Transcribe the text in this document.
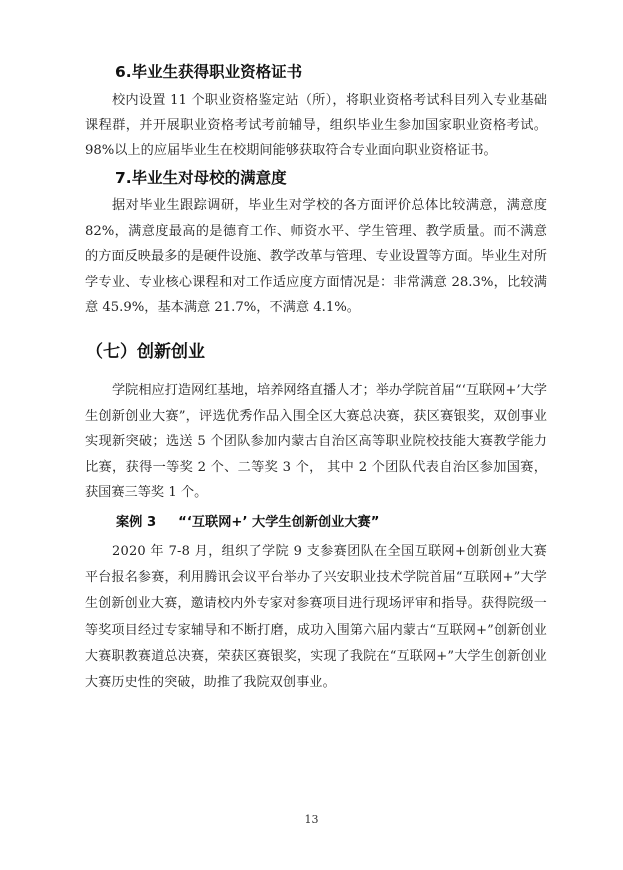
6.毕业生获得职业资格证书

校内设置 11 个职业资格鉴定站（所），将职业资格考试科目列入专业基础课程群，并开展职业资格考试考前辅导，组织毕业生参加国家职业资格考试。98%以上的应届毕业生在校期间能够获取符合专业面向职业资格证书。

7.毕业生对母校的满意度

据对毕业生跟踪调研，毕业生对学校的各方面评价总体比较满意，满意度 82%，满意度最高的是德育工作、师资水平、学生管理、教学质量。而不满意的方面反映最多的是硬件设施、教学改革与管理、专业设置等方面。毕业生对所学专业、专业核心课程和对工作适应度方面情况是：非常满意 28.3%，比较满意 45.9%，基本满意 21.7%，不满意 4.1%。

（七）创新创业

学院相应打造网红基地，培养网络直播人才；举办学院首届“‘互联网+’大学生创新创业大赛”，评选优秀作品入围全区大赛总决赛，获区赛银奖，双创事业实现新突破；选送 5 个团队参加内蒙古自治区高等职业院校技能大赛教学能力比赛，获得一等奖 2 个、二等奖 3 个， 其中 2 个团队代表自治区参加国赛，获国赛三等奖 1 个。

案例 3 “‘互联网+’ 大学生创新创业大赛”

2020 年 7-8 月，组织了学院 9 支参赛团队在全国互联网+创新创业大赛平台报名参赛，利用腾讯会议平台举办了兴安职业技术学院首届“互联网+”大学生创新创业大赛，邀请校内外专家对参赛项目进行现场评审和指导。获得院级一等奖项目经过专家辅导和不断打磨，成功入围第六届内蒙古“互联网+”创新创业大赛职教赛道总决赛，荣获区赛银奖，实现了我院在“互联网+”大学生创新创业大赛历史性的突破，助推了我院双创事业。

13
